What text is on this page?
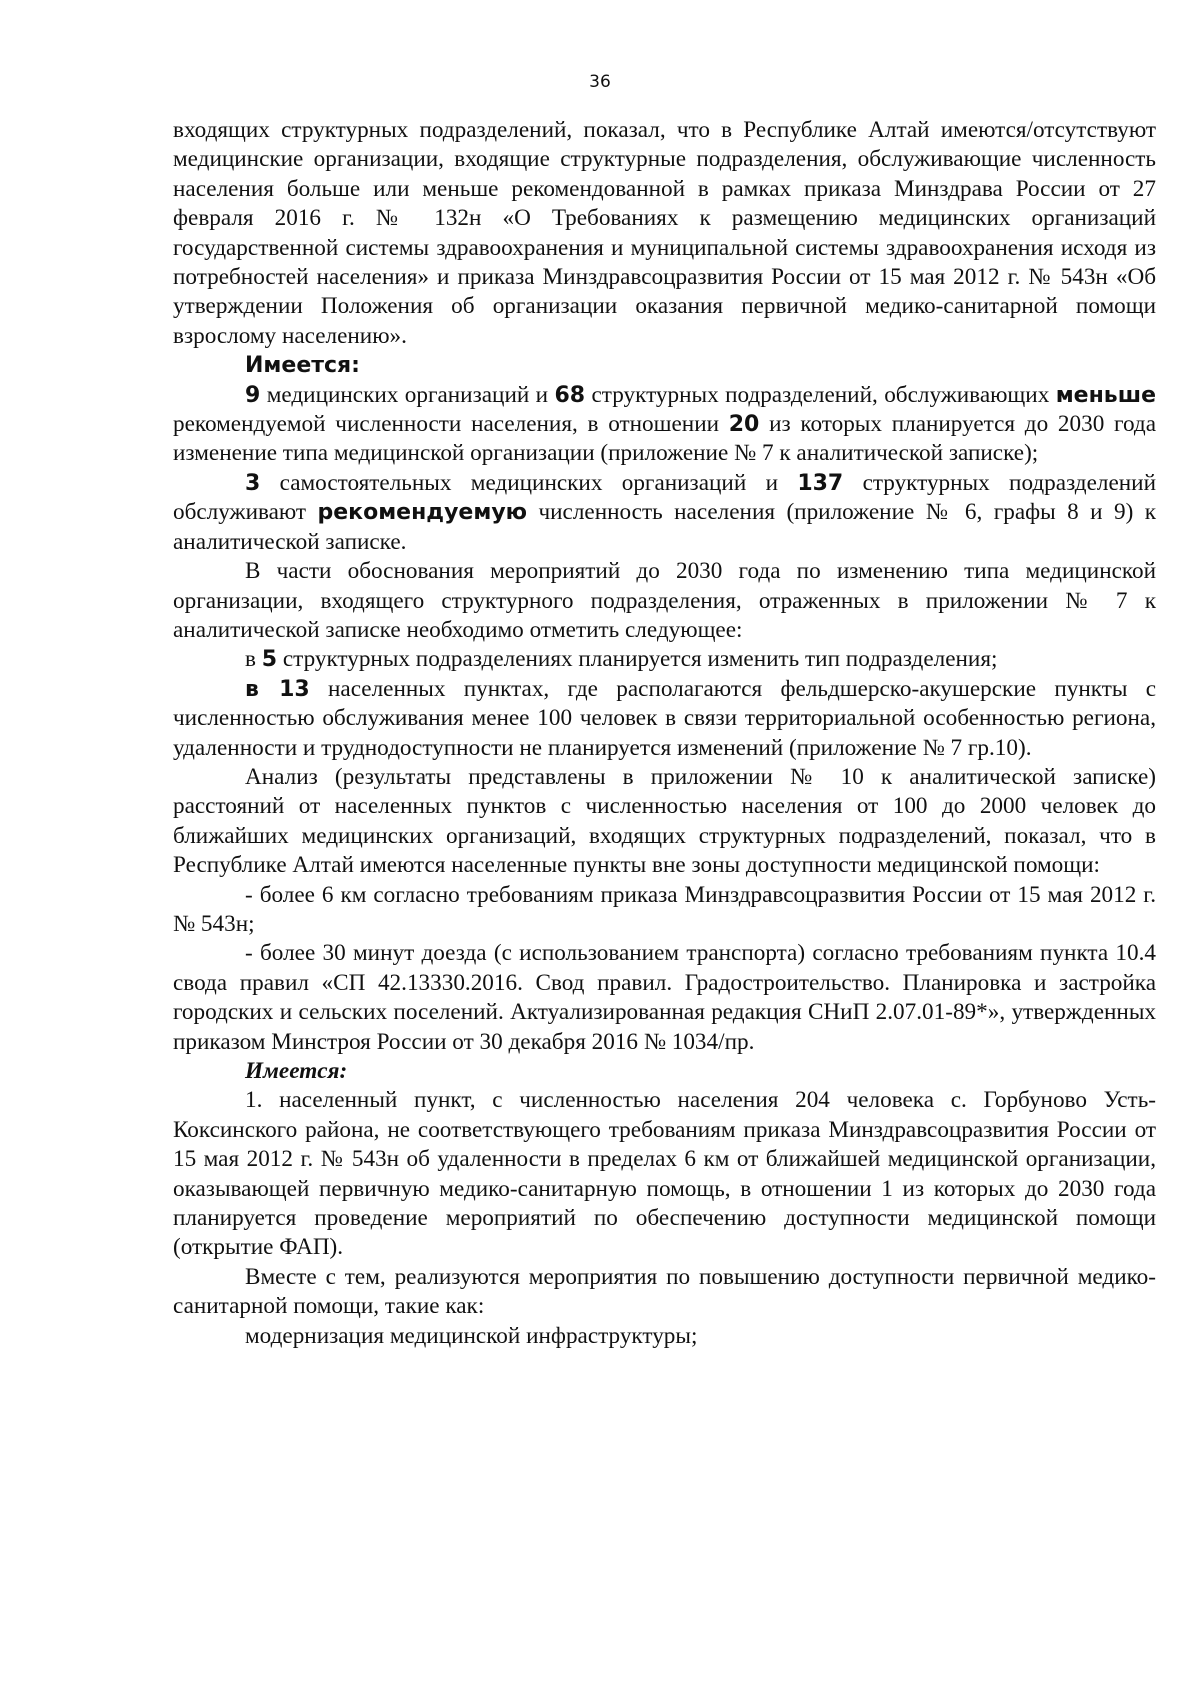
36

входящих структурных подразделений, показал, что в Республике Алтай имеются/отсутствуют медицинские организации, входящие структурные подразделения, обслуживающие численность населения больше или меньше рекомендованной в рамках приказа Минздрава России от 27 февраля 2016 г. № 132н «О Требованиях к размещению медицинских организаций государственной системы здравоохранения и муниципальной системы здравоохранения исходя из потребностей населения» и приказа Минздравсоцразвития России от 15 мая 2012 г. № 543н «Об утверждении Положения об организации оказания первичной медико-санитарной помощи взрослому населению».

Имеется:

9 медицинских организаций и 68 структурных подразделений, обслуживающих меньше рекомендуемой численности населения, в отношении 20 из которых планируется до 2030 года изменение типа медицинской организации (приложение № 7 к аналитической записке);

3 самостоятельных медицинских организаций и 137 структурных подразделений обслуживают рекомендуемую численность населения (приложение № 6, графы 8 и 9) к аналитической записке.

В части обоснования мероприятий до 2030 года по изменению типа медицинской организации, входящего структурного подразделения, отраженных в приложении № 7 к аналитической записке необходимо отметить следующее:

в 5 структурных подразделениях планируется изменить тип подразделения;

в 13 населенных пунктах, где располагаются фельдшерско-акушерские пункты с численностью обслуживания менее 100 человек в связи территориальной особенностью региона, удаленности и труднодоступности не планируется изменений (приложение № 7 гр.10).

Анализ (результаты представлены в приложении № 10 к аналитической записке) расстояний от населенных пунктов с численностью населения от 100 до 2000 человек до ближайших медицинских организаций, входящих структурных подразделений, показал, что в Республике Алтай имеются населенные пункты вне зоны доступности медицинской помощи:

- более 6 км согласно требованиям приказа Минздравсоцразвития России от 15 мая 2012 г. № 543н;

- более 30 минут доезда (с использованием транспорта) согласно требованиям пункта 10.4 свода правил «СП 42.13330.2016. Свод правил. Градостроительство. Планировка и застройка городских и сельских поселений. Актуализированная редакция СНиП 2.07.01-89*», утвержденных приказом Минстроя России от 30 декабря 2016 № 1034/пр.

Имеется:

1. населенный пункт, с численностью населения 204 человека с. Горбуново Усть-Коксинского района, не соответствующего требованиям приказа Минздравсоцразвития России от 15 мая 2012 г. № 543н об удаленности в пределах 6 км от ближайшей медицинской организации, оказывающей первичную медико-санитарную помощь, в отношении 1 из которых до 2030 года планируется проведение мероприятий по обеспечению доступности медицинской помощи (открытие ФАП).

Вместе с тем, реализуются мероприятия по повышению доступности первичной медико-санитарной помощи, такие как:

модернизация медицинской инфраструктуры;
